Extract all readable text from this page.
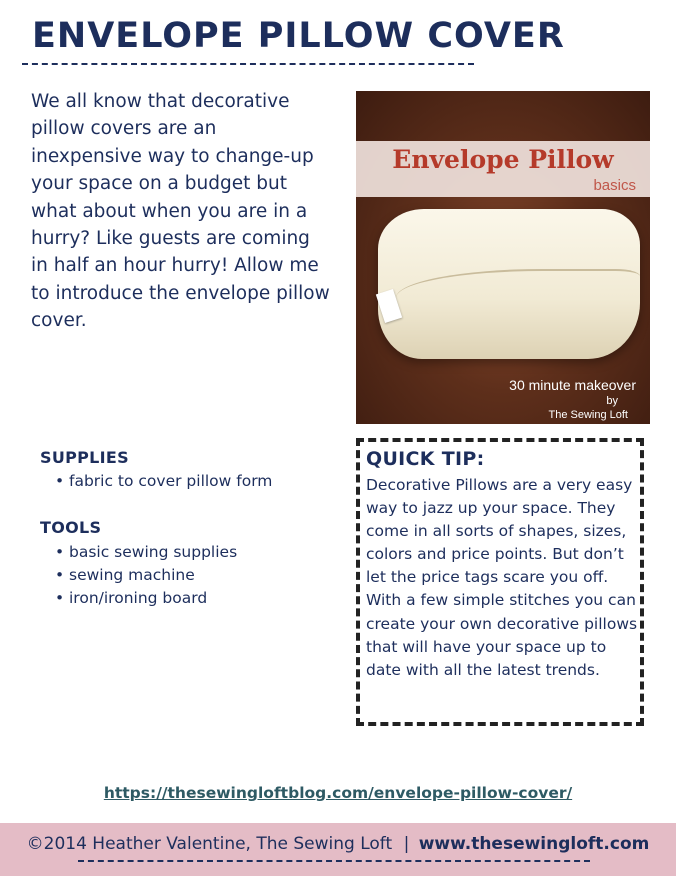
ENVELOPE PILLOW COVER
We all know that decorative pillow covers are an inexpensive way to change-up your space on a budget but what about when you are in a hurry? Like guests are coming in half an hour hurry! Allow me to introduce the envelope pillow cover.
Envelope Pillow
basics
30 minute makeover
by
The Sewing Loft
SUPPLIES
• fabric to cover pillow form
TOOLS
• basic sewing supplies
• sewing machine
• iron/ironing board
QUICK TIP:
Decorative Pillows are a very easy way to jazz up your space. They come in all sorts of shapes, sizes, colors and price points. But don’t let the price tags scare you off. With a few simple stitches you can create your own decorative pillows that will have your space up to date with all the latest trends.
https://thesewingloftblog.com/envelope-pillow-cover/
©2014 Heather Valentine, The Sewing Loft | www.thesewingloft.com
